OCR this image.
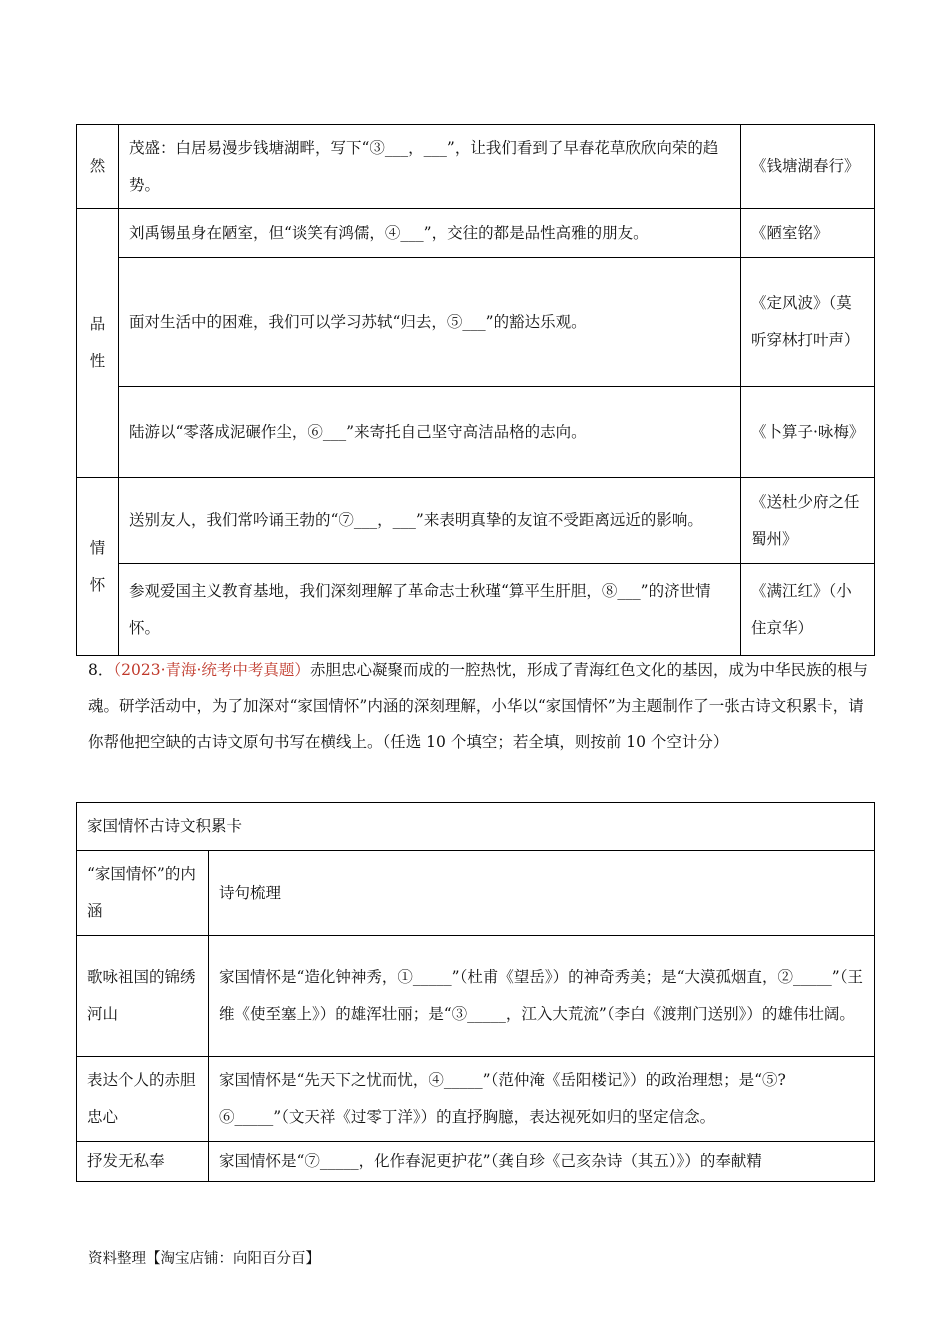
然	茂盛：白居易漫步钱塘湖畔，写下“③___，___”，让我们看到了早春花草欣欣向荣的趋势。	《钱塘湖春行》

品性	刘禹锡虽身在陋室，但“谈笑有鸿儒，④___”，交往的都是品性高雅的朋友。	《陋室铭》
	面对生活中的困难，我们可以学习苏轼“归去，⑤___”的豁达乐观。	《定风波》（莫听穿林打叶声）
	陆游以“零落成泥碾作尘，⑥___”来寄托自己坚守高洁品格的志向。	《卜算子·咏梅》

情怀	送别友人，我们常吟诵王勃的“⑦___，___”来表明真挚的友谊不受距离远近的影响。	《送杜少府之任蜀州》
	参观爱国主义教育基地，我们深刻理解了革命志士秋瑾“算平生肝胆，⑧___”的济世情怀。	《满江红》（小住京华）

8．（2023·青海·统考中考真题）赤胆忠心凝聚而成的一腔热忱，形成了青海红色文化的基因，成为中华民族的根与魂。研学活动中，为了加深对“家国情怀”内涵的深刻理解，小华以“家国情怀”为主题制作了一张古诗文积累卡，请你帮他把空缺的古诗文原句书写在横线上。（任选 10 个填空；若全填，则按前 10 个空计分）

家国情怀古诗文积累卡	
“家国情怀”的内涵	诗句梳理
歌咏祖国的锦绣河山	家国情怀是“造化钟神秀，①_____”（杜甫《望岳》）的神奇秀美；是“大漠孤烟直，②_____”（王维《使至塞上》）的雄浑壮丽；是“③_____，江入大荒流”（李白《渡荆门送别》）的雄伟壮阔。
表达个人的赤胆忠心	家国情怀是“先天下之忧而忧，④_____”（范仲淹《岳阳楼记》）的政治理想；是“⑤?⑥_____”（文天祥《过零丁洋》）的直抒胸臆，表达视死如归的坚定信念。
抒发无私奉	家国情怀是“⑦_____，化作春泥更护花”（龚自珍《己亥杂诗（其五）》）的奉献精
资料整理【淘宝店铺：向阳百分百】
